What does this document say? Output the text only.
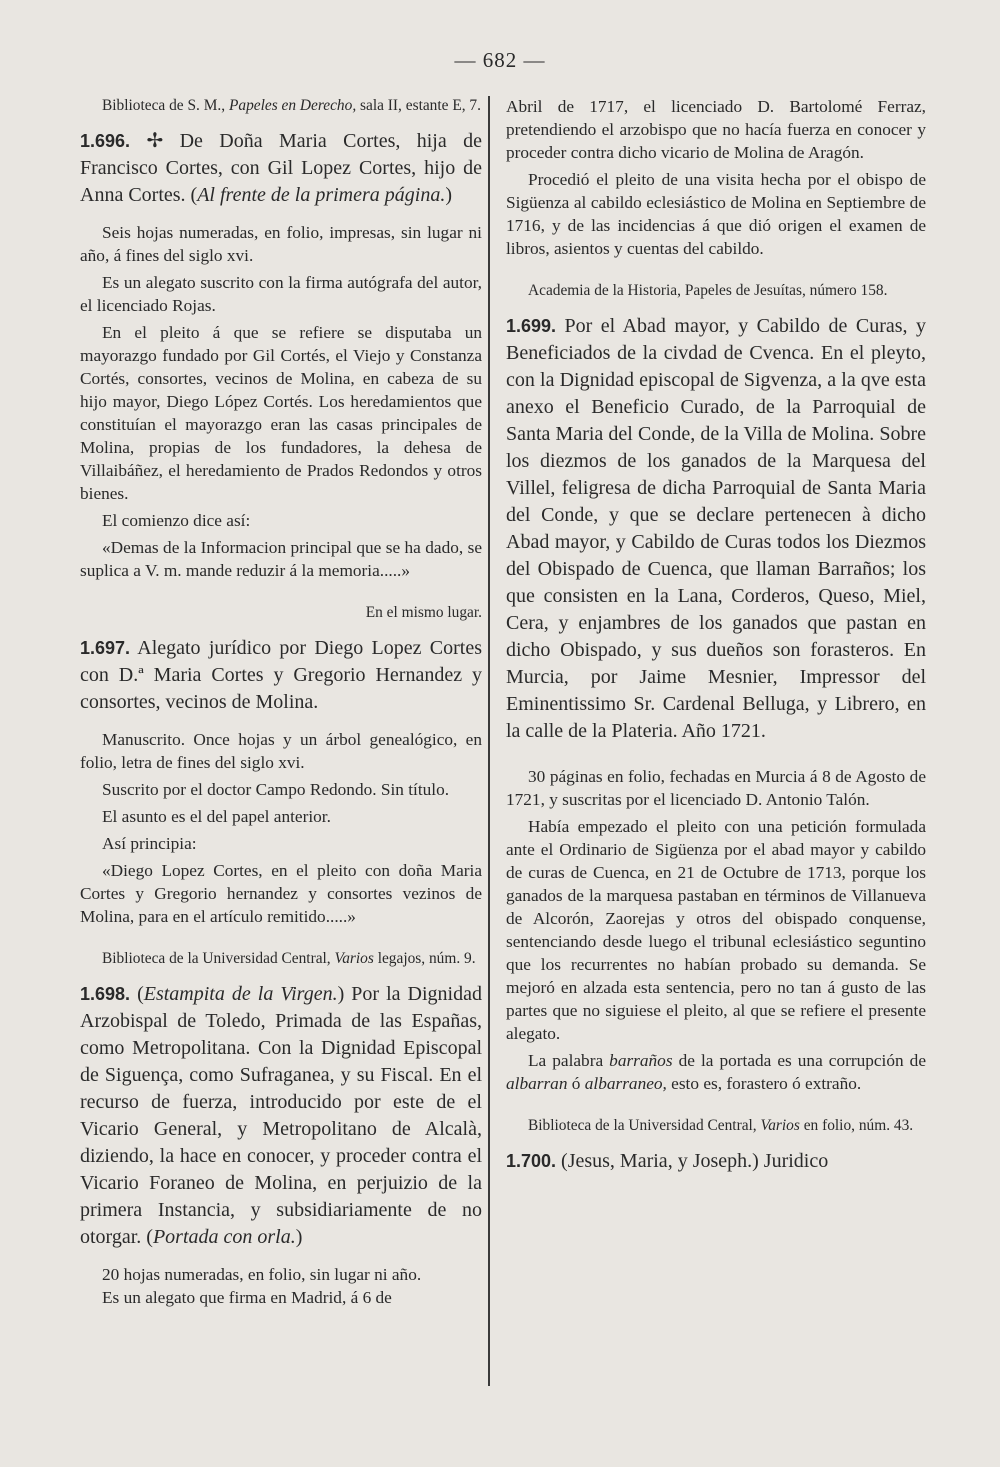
— 682 —

Biblioteca de S. M., Papeles en Derecho, sala II, estante E, 7.

1.696. ✢ De Doña Maria Cortes, hija de Francisco Cortes, con Gil Lopez Cortes, hijo de Anna Cortes. (Al frente de la primera página.)

Seis hojas numeradas, en folio, impresas, sin lugar ni año, á fines del siglo xvi.

Es un alegato suscrito con la firma autógrafa del autor, el licenciado Rojas.

En el pleito á que se refiere se disputaba un mayorazgo fundado por Gil Cortés, el Viejo y Constanza Cortés, consortes, vecinos de Molina, en cabeza de su hijo mayor, Diego López Cortés. Los heredamientos que constituían el mayorazgo eran las casas principales de Molina, propias de los fundadores, la dehesa de Villaibáñez, el heredamiento de Prados Redondos y otros bienes.

El comienzo dice así:

«Demas de la Informacion principal que se ha dado, se suplica a V. m. mande reduzir á la memoria.....»

En el mismo lugar.

1.697. Alegato jurídico por Diego Lopez Cortes con D.ª Maria Cortes y Gregorio Hernandez y consortes, vecinos de Molina.

Manuscrito. Once hojas y un árbol genealógico, en folio, letra de fines del siglo xvi.

Suscrito por el doctor Campo Redondo. Sin título.

El asunto es el del papel anterior.

Así principia:

«Diego Lopez Cortes, en el pleito con doña Maria Cortes y Gregorio hernandez y consortes vezinos de Molina, para en el artículo remitido.....»

Biblioteca de la Universidad Central, Varios legajos, núm. 9.

1.698. (Estampita de la Virgen.) Por la Dignidad Arzobispal de Toledo, Primada de las Españas, como Metropolitana. Con la Dignidad Episcopal de Siguença, como Sufraganea, y su Fiscal. En el recurso de fuerza, introducido por este de el Vicario General, y Metropolitano de Alcalà, diziendo, la hace en conocer, y proceder contra el Vicario Foraneo de Molina, en perjuizio de la primera Instancia, y subsidiariamente de no otorgar. (Portada con orla.)

20 hojas numeradas, en folio, sin lugar ni año.

Es un alegato que firma en Madrid, á 6 de

Abril de 1717, el licenciado D. Bartolomé Ferraz, pretendiendo el arzobispo que no hacía fuerza en conocer y proceder contra dicho vicario de Molina de Aragón.

Procedió el pleito de una visita hecha por el obispo de Sigüenza al cabildo eclesiástico de Molina en Septiembre de 1716, y de las incidencias á que dió origen el examen de libros, asientos y cuentas del cabildo.

Academia de la Historia, Papeles de Jesuítas, número 158.

1.699. Por el Abad mayor, y Cabildo de Curas, y Beneficiados de la civdad de Cvenca. En el pleyto, con la Dignidad episcopal de Sigvenza, a la qve esta anexo el Beneficio Curado, de la Parroquial de Santa Maria del Conde, de la Villa de Molina. Sobre los diezmos de los ganados de la Marquesa del Villel, feligresa de dicha Parroquial de Santa Maria del Conde, y que se declare pertenecen à dicho Abad mayor, y Cabildo de Curas todos los Diezmos del Obispado de Cuenca, que llaman Barraños; los que consisten en la Lana, Corderos, Queso, Miel, Cera, y enjambres de los ganados que pastan en dicho Obispado, y sus dueños son forasteros. En Murcia, por Jaime Mesnier, Impressor del Eminentissimo Sr. Cardenal Belluga, y Librero, en la calle de la Plateria. Año 1721.

30 páginas en folio, fechadas en Murcia á 8 de Agosto de 1721, y suscritas por el licenciado D. Antonio Talón.

Había empezado el pleito con una petición formulada ante el Ordinario de Sigüenza por el abad mayor y cabildo de curas de Cuenca, en 21 de Octubre de 1713, porque los ganados de la marquesa pastaban en términos de Villanueva de Alcorón, Zaorejas y otros del obispado conquense, sentenciando desde luego el tribunal eclesiástico seguntino que los recurrentes no habían probado su demanda. Se mejoró en alzada esta sentencia, pero no tan á gusto de las partes que no siguiese el pleito, al que se refiere el presente alegato.

La palabra barraños de la portada es una corrupción de albarran ó albarraneo, esto es, forastero ó extraño.

Biblioteca de la Universidad Central, Varios en folio, núm. 43.

1.700. (Jesus, Maria, y Joseph.) Juridico
